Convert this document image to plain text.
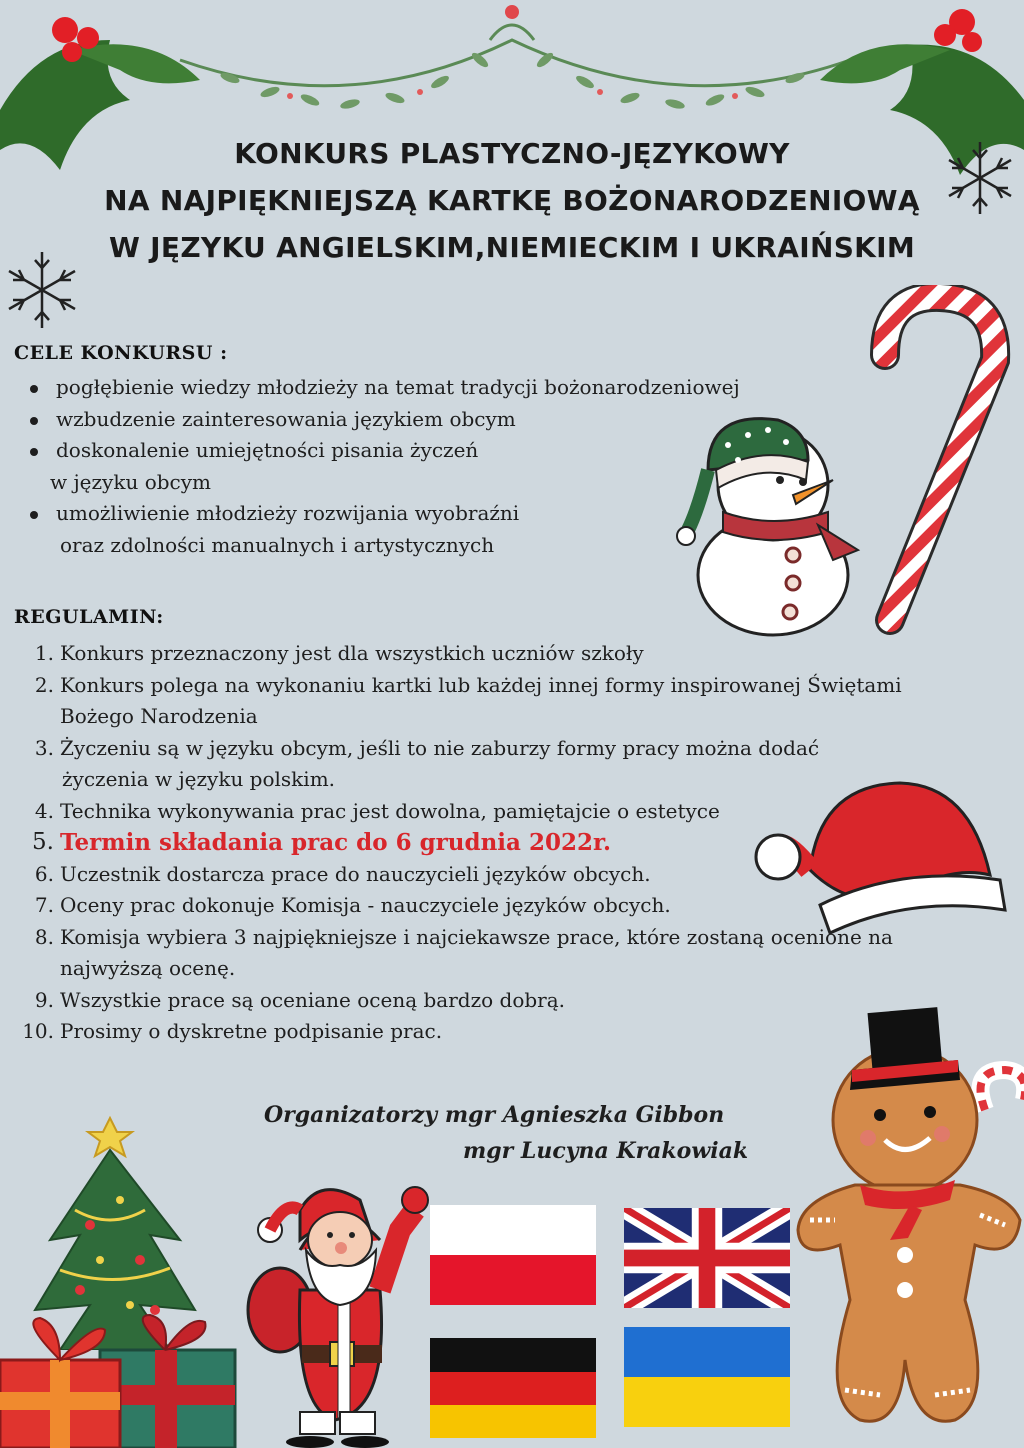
KONKURS PLASTYCZNO-JĘZYKOWY
NA NAJPIĘKNIEJSZĄ KARTKĘ BOŻONARODZENIOWĄ
W JĘZYKU ANGIELSKIM,NIEMIECKIM I UKRAIŃSKIM
CELE KONKURSU :
pogłębienie wiedzy młodzieży na temat tradycji bożonarodzeniowej
wzbudzenie zainteresowania językiem obcym
doskonalenie umiejętności pisania życzeń
w języku obcym
umożliwienie młodzieży rozwijania wyobraźni
oraz zdolności manualnych i artystycznych
REGULAMIN:
1. Konkurs przeznaczony jest dla wszystkich uczniów szkoły
2. Konkurs polega na wykonaniu kartki lub każdej innej formy inspirowanej Świętami
Bożego Narodzenia
3. Życzeniu są w języku obcym, jeśli to nie zaburzy formy pracy można dodać
życzenia w języku polskim.
4. Technika wykonywania prac jest dowolna, pamiętajcie o estetyce
5. Termin składania prac do 6 grudnia 2022r.
6. Uczestnik dostarcza prace do nauczycieli języków obcych.
7. Oceny prac dokonuje Komisja - nauczyciele języków obcych.
8. Komisja wybiera 3 najpiękniejsze i najciekawsze prace, które zostaną ocenione na
najwyższą ocenę.
9. Wszystkie prace są oceniane oceną bardzo dobrą.
10. Prosimy o dyskretne podpisanie prac.
Organizatorzy mgr Agnieszka Gibbon
mgr Lucyna Krakowiak
